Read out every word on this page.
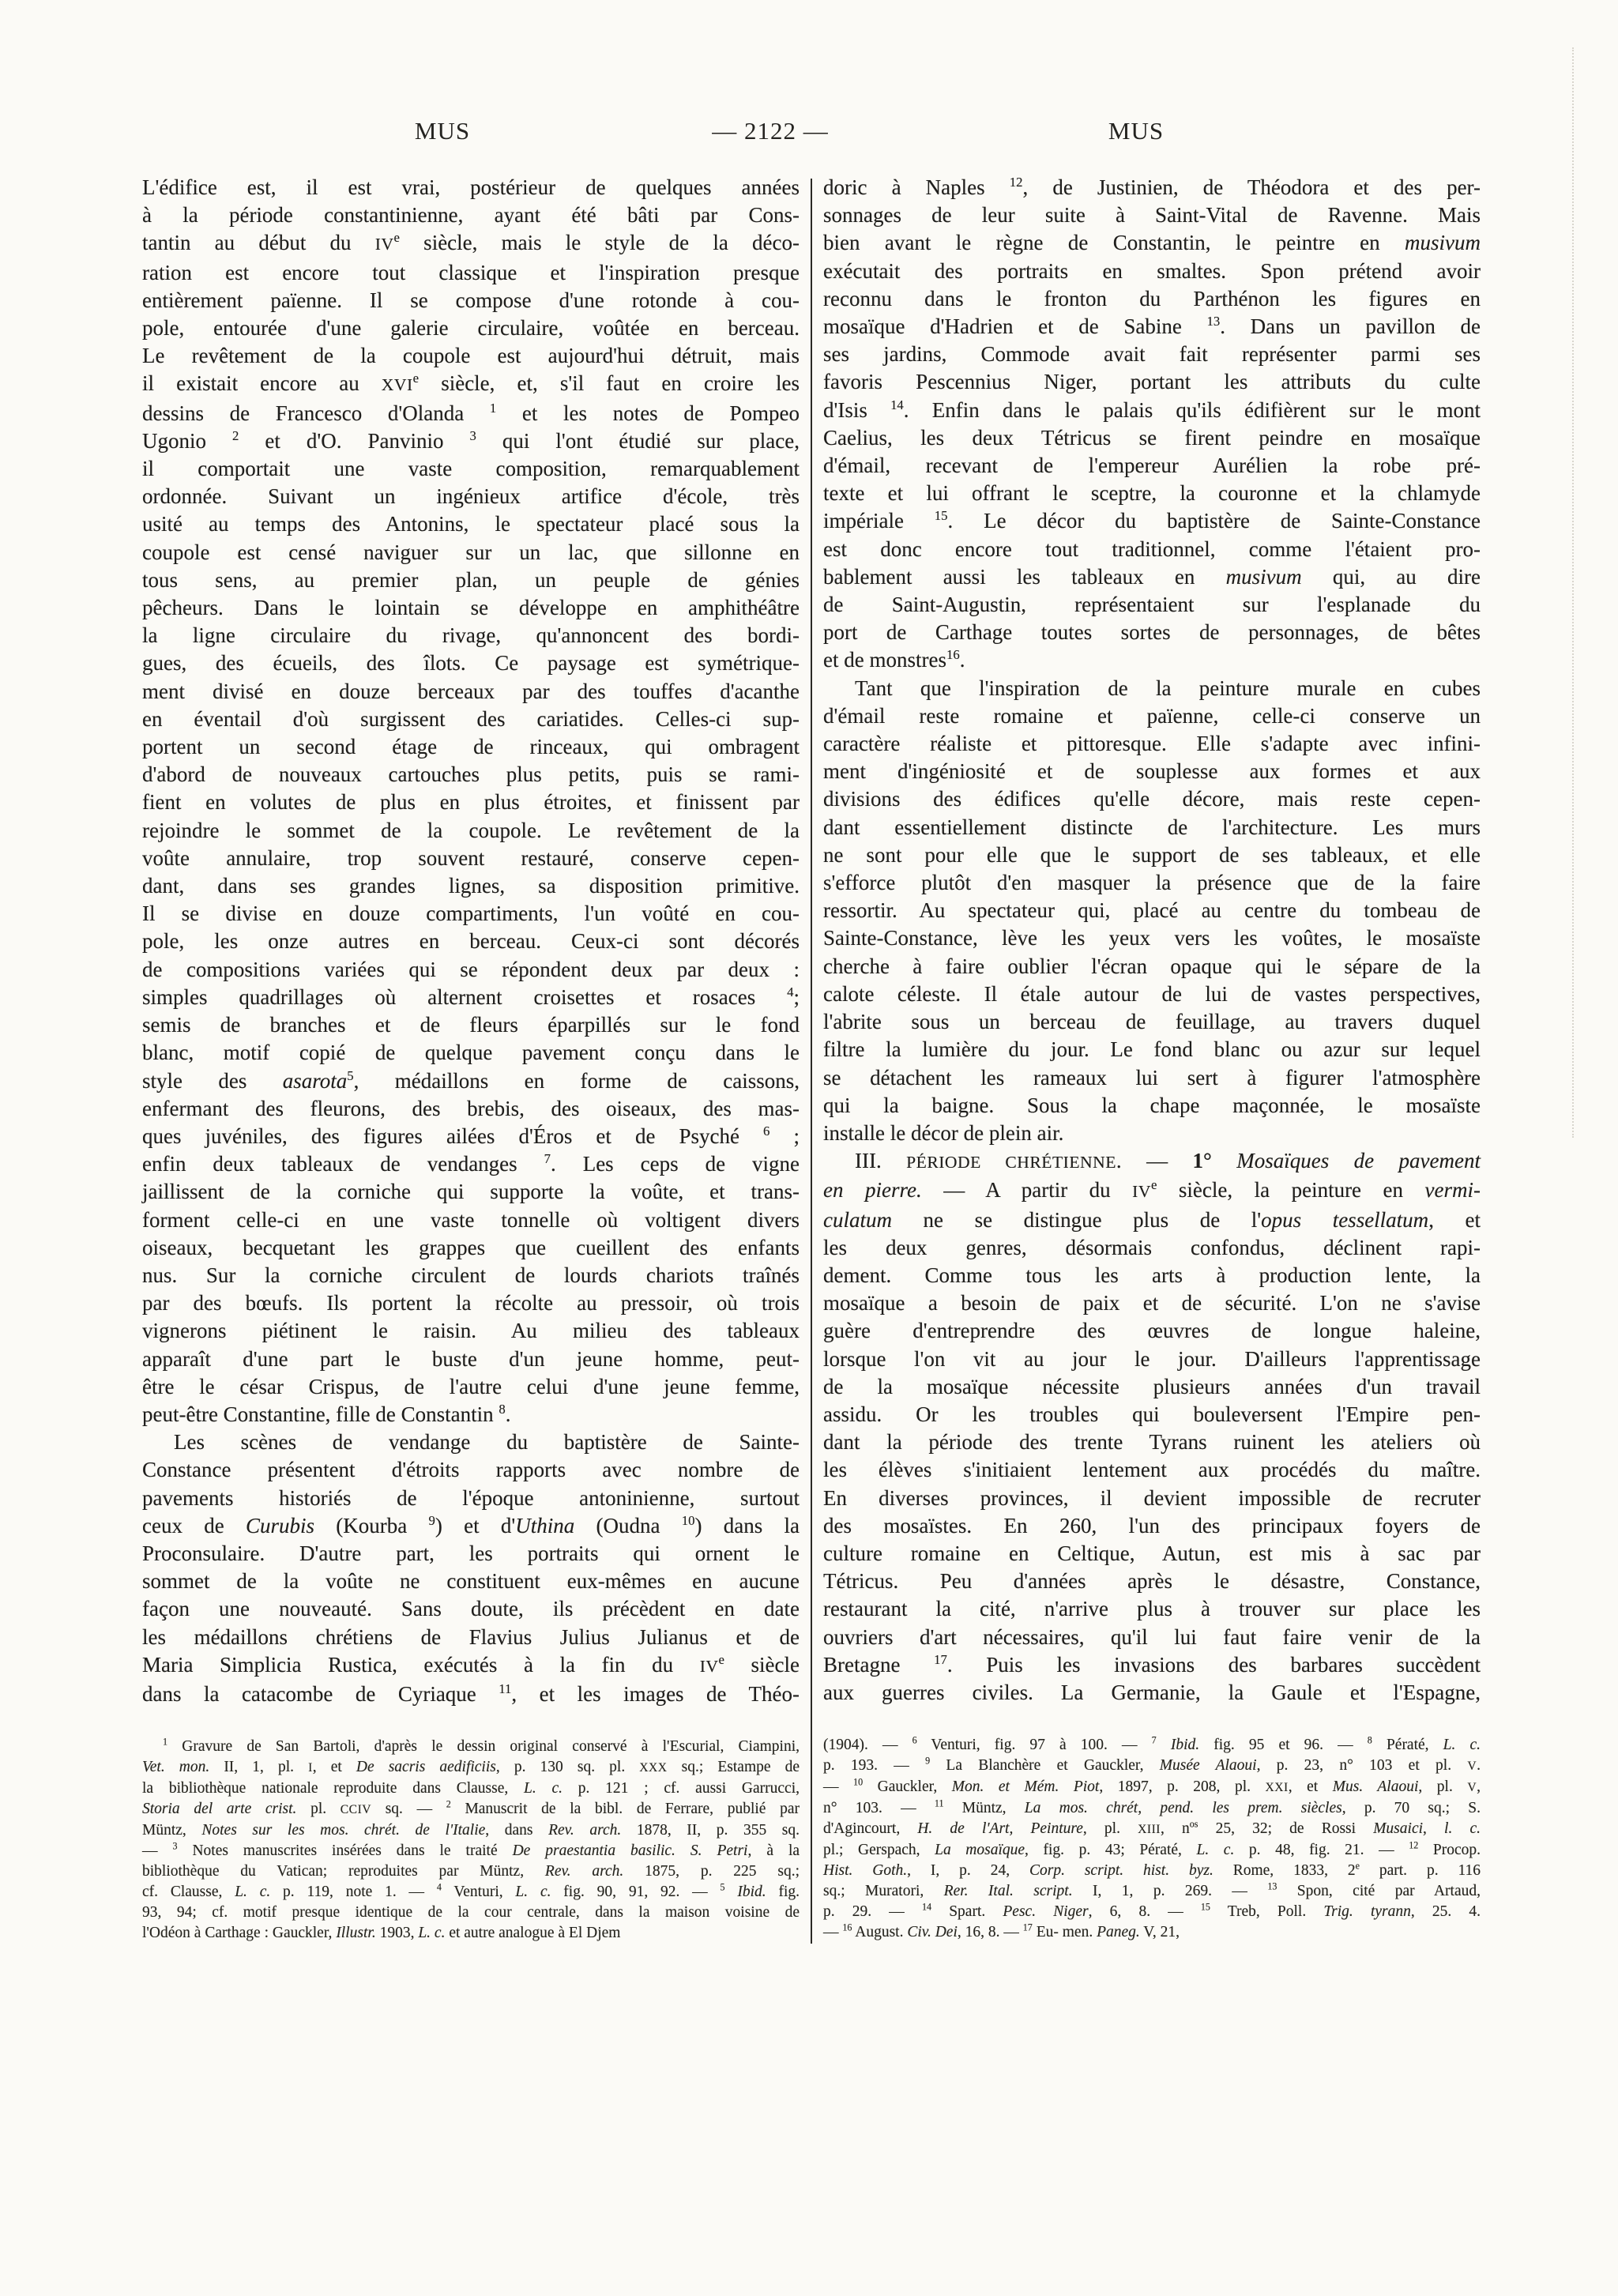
MUS	— 2122 —	MUS
L'édifice est, il est vrai, postérieur de quelques années
à la période constantinienne, ayant été bâti par Cons-
tantin au début du IVe siècle, mais le style de la déco-
ration est encore tout classique et l'inspiration presque
entièrement païenne. Il se compose d'une rotonde à cou-
pole, entourée d'une galerie circulaire, voûtée en berceau.
Le revêtement de la coupole est aujourd'hui détruit, mais
il existait encore au XVIe siècle, et, s'il faut en croire les
dessins de Francesco d'Olanda $^1$ et les notes de Pompeo
Ugonio $^2$ et d'O. Panvinio $^3$ qui l'ont étudié sur place,
il comportait une vaste composition, remarquablement
ordonnée. Suivant un ingénieux artifice d'école, très
usité au temps des Antonins, le spectateur placé sous la
coupole est censé naviguer sur un lac, que sillonne en
tous sens, au premier plan, un peuple de génies
pêcheurs. Dans le lointain se développe en amphithéâtre
la ligne circulaire du rivage, qu'annoncent des bordi-
gues, des écueils, des îlots. Ce paysage est symétrique-
ment divisé en douze berceaux par des touffes d'acanthe
en éventail d'où surgissent des cariatides. Celles-ci sup-
portent un second étage de rinceaux, qui ombragent
d'abord de nouveaux cartouches plus petits, puis se rami-
fient en volutes de plus en plus étroites, et finissent par
rejoindre le sommet de la coupole. Le revêtement de la
voûte annulaire, trop souvent restauré, conserve cepen-
dant, dans ses grandes lignes, sa disposition primitive.
Il se divise en douze compartiments, l'un voûté en cou-
pole, les onze autres en berceau. Ceux-ci sont décorés
de compositions variées qui se répondent deux par deux :
simples quadrillages où alternent croisettes et rosaces $^4$;
semis de branches et de fleurs éparpillés sur le fond
blanc, motif copié de quelque pavement conçu dans le
style des asarota$^5$, médaillons en forme de caissons,
enfermant des fleurons, des brebis, des oiseaux, des mas-
ques juvéniles, des figures ailées d'Éros et de Psyché $^6$ ;
enfin deux tableaux de vendanges $^7$. Les ceps de vigne
jaillissent de la corniche qui supporte la voûte, et trans-
forment celle-ci en une vaste tonnelle où voltigent divers
oiseaux, becquetant les grappes que cueillent des enfants
nus. Sur la corniche circulent de lourds chariots traînés
par des bœufs. Ils portent la récolte au pressoir, où trois
vignerons piétinent le raisin. Au milieu des tableaux
apparaît d'une part le buste d'un jeune homme, peut-
être le césar Crispus, de l'autre celui d'une jeune femme,
peut-être Constantine, fille de Constantin $^8$.
Les scènes de vendange du baptistère de Sainte-
Constance présentent d'étroits rapports avec nombre de
pavements historiés de l'époque antoninienne, surtout
ceux de Curubis (Kourba $^9$) et d'Uthina (Oudna $^{10}$) dans la
Proconsulaire. D'autre part, les portraits qui ornent le
sommet de la voûte ne constituent eux-mêmes en aucune
façon une nouveauté. Sans doute, ils précèdent en date
les médaillons chrétiens de Flavius Julius Julianus et de
Maria Simplicia Rustica, exécutés à la fin du IVe siècle
dans la catacombe de Cyriaque $^{11}$, et les images de Théo-
$^1$ Gravure de San Bartoli, d'après le dessin original conservé à l'Escurial, Ciampini,
Vet. mon. II, 1, pl. I, et De sacris aedificiis, p. 130 sq. pl. XXX sq.; Estampe de
la bibliothèque nationale reproduite dans Clausse, L. c. p. 121 ; cf. aussi Garrucci,
Storia del arte crist. pl. CCIV sq. — $^2$ Manuscrit de la bibl. de Ferrare, publié par
Müntz, Notes sur les mos. chrét. de l'Italie, dans Rev. arch. 1878, II, p. 355 sq.
— $^3$ Notes manuscrites insérées dans le traité De praestantia basilic. S. Petri, à la
bibliothèque du Vatican; reproduites par Müntz, Rev. arch. 1875, p. 225 sq.;
cf. Clausse, L. c. p. 119, note 1. — $^4$ Venturi, L. c. fig. 90, 91, 92. — $^5$ Ibid. fig.
93, 94; cf. motif presque identique de la cour centrale, dans la maison voisine de
l'Odéon à Carthage : Gauckler, Illustr. 1903, L. c. et autre analogue à El Djem
doric à Naples $^{12}$, de Justinien, de Théodora et des per-
sonnages de leur suite à Saint-Vital de Ravenne. Mais
bien avant le règne de Constantin, le peintre en musivum
exécutait des portraits en smaltes. Spon prétend avoir
reconnu dans le fronton du Parthénon les figures en
mosaïque d'Hadrien et de Sabine $^{13}$. Dans un pavillon de
ses jardins, Commode avait fait représenter parmi ses
favoris Pescennius Niger, portant les attributs du culte
d'Isis $^{14}$. Enfin dans le palais qu'ils édifièrent sur le mont
Caelius, les deux Tétricus se firent peindre en mosaïque
d'émail, recevant de l'empereur Aurélien la robe pré-
texte et lui offrant le sceptre, la couronne et la chlamyde
impériale $^{15}$. Le décor du baptistère de Sainte-Constance
est donc encore tout traditionnel, comme l'étaient pro-
bablement aussi les tableaux en musivum qui, au dire
de Saint-Augustin, représentaient sur l'esplanade du
port de Carthage toutes sortes de personnages, de bêtes
et de monstres$^{16}$.
Tant que l'inspiration de la peinture murale en cubes
d'émail reste romaine et païenne, celle-ci conserve un
caractère réaliste et pittoresque. Elle s'adapte avec infini-
ment d'ingéniosité et de souplesse aux formes et aux
divisions des édifices qu'elle décore, mais reste cepen-
dant essentiellement distincte de l'architecture. Les murs
ne sont pour elle que le support de ses tableaux, et elle
s'efforce plutôt d'en masquer la présence que de la faire
ressortir. Au spectateur qui, placé au centre du tombeau de
Sainte-Constance, lève les yeux vers les voûtes, le mosaïste
cherche à faire oublier l'écran opaque qui le sépare de la
calote céleste. Il étale autour de lui de vastes perspectives,
l'abrite sous un berceau de feuillage, au travers duquel
filtre la lumière du jour. Le fond blanc ou azur sur lequel
se détachent les rameaux lui sert à figurer l'atmosphère
qui la baigne. Sous la chape maçonnée, le mosaïste
installe le décor de plein air.
III. PÉRIODE CHRÉTIENNE. — 1° Mosaïques de pavement
en pierre. — A partir du IVe siècle, la peinture en vermi-
culatum ne se distingue plus de l'opus tessellatum, et
les deux genres, désormais confondus, déclinent rapi-
dement. Comme tous les arts à production lente, la
mosaïque a besoin de paix et de sécurité. L'on ne s'avise
guère d'entreprendre des œuvres de longue haleine,
lorsque l'on vit au jour le jour. D'ailleurs l'apprentissage
de la mosaïque nécessite plusieurs années d'un travail
assidu. Or les troubles qui bouleversent l'Empire pen-
dant la période des trente Tyrans ruinent les ateliers où
les élèves s'initiaient lentement aux procédés du maître.
En diverses provinces, il devient impossible de recruter
des mosaïstes. En 260, l'un des principaux foyers de
culture romaine en Celtique, Autun, est mis à sac par
Tétricus. Peu d'années après le désastre, Constance,
restaurant la cité, n'arrive plus à trouver sur place les
ouvriers d'art nécessaires, qu'il lui faut faire venir de la
Bretagne $^{17}$. Puis les invasions des barbares succèdent
aux guerres civiles. La Germanie, la Gaule et l'Espagne,
(1904). — $^6$ Venturi, fig. 97 à 100. — $^7$ Ibid. fig. 95 et 96. — $^8$ Pératé, L. c.
p. 193. — $^9$ La Blanchère et Gauckler, Musée Alaoui, p. 23, n° 103 et pl. V.
— $^{10}$ Gauckler, Mon. et Mém. Piot, 1897, p. 208, pl. XXI, et Mus. Alaoui, pl. V,
n° 103. — $^{11}$ Müntz, La mos. chrét, pend. les prem. siècles, p. 70 sq.; S.
d'Agincourt, H. de l'Art, Peinture, pl. XIII, $n^{os}$ 25, 32; de Rossi Musaici, l. c.
pl.; Gerspach, La mosaïque, fig. p. 43; Pératé, L. c. p. 48, fig. 21. — $^{12}$ Procop.
Hist. Goth., I, p. 24, Corp. script. hist. byz. Rome, 1833, 2e part. p. 116
sq.; Muratori, Rer. Ital. script. I, 1, p. 269. — $^{13}$ Spon, cité par Artaud,
p. 29. — $^{14}$ Spart. Pesc. Niger, 6, 8. — $^{15}$ Treb, Poll. Trig. tyrann, 25. 4.
— $^{16}$ August. Civ. Dei, 16, 8. — $^{17}$ Eu- men. Paneg. V, 21,
